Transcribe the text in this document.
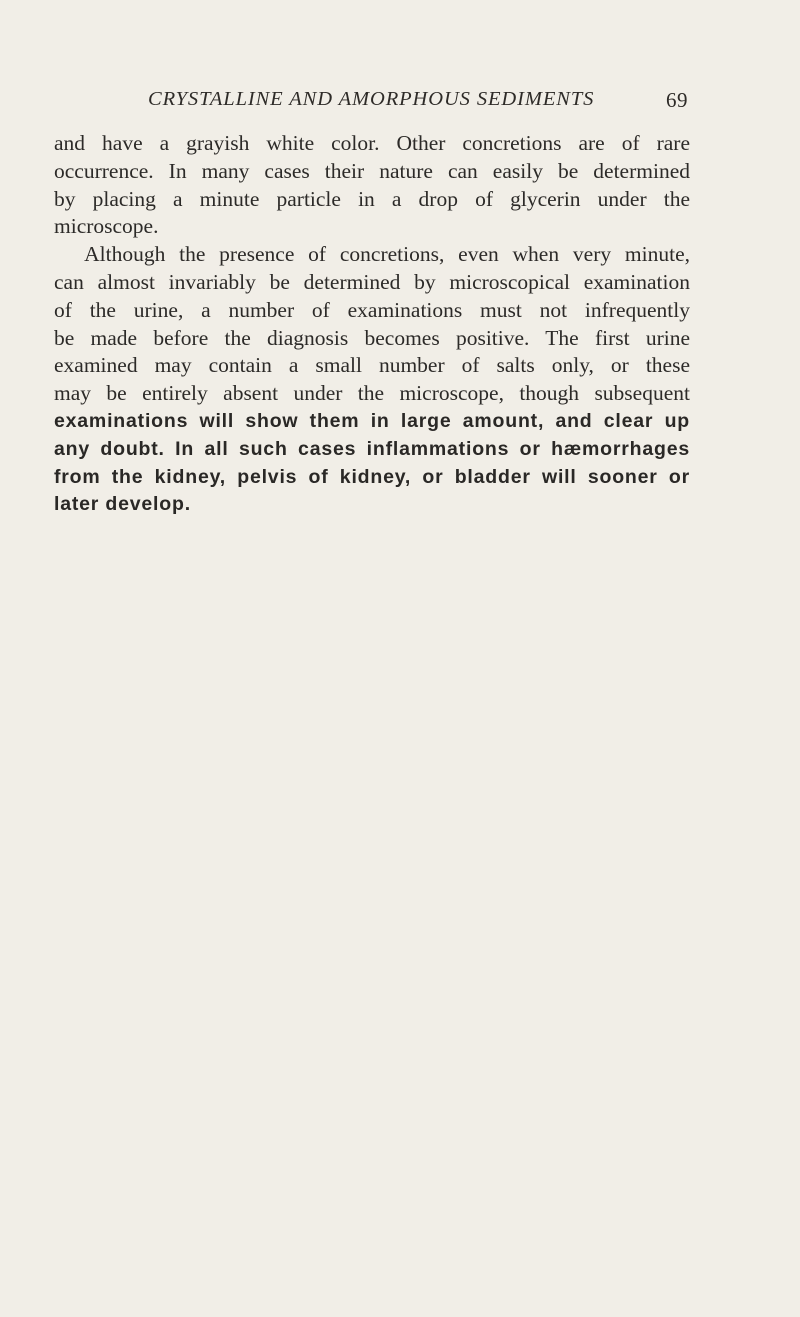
CRYSTALLINE AND AMORPHOUS SEDIMENTS	69
and have a grayish white color. Other concretions are of rare
occurrence. In many cases their nature can easily be determined
by placing a minute particle in a drop of glycerin under the
microscope.
Although the presence of concretions, even when very minute,
can almost invariably be determined by microscopical examination
of the urine, a number of examinations must not infrequently
be made before the diagnosis becomes positive. The first urine
examined may contain a small number of salts only, or these
may be entirely absent under the microscope, though subsequent
examinations will show them in large amount, and clear up
any doubt. In all such cases inflammations or hæmorrhages
from the kidney, pelvis of kidney, or bladder will sooner or
later develop.
